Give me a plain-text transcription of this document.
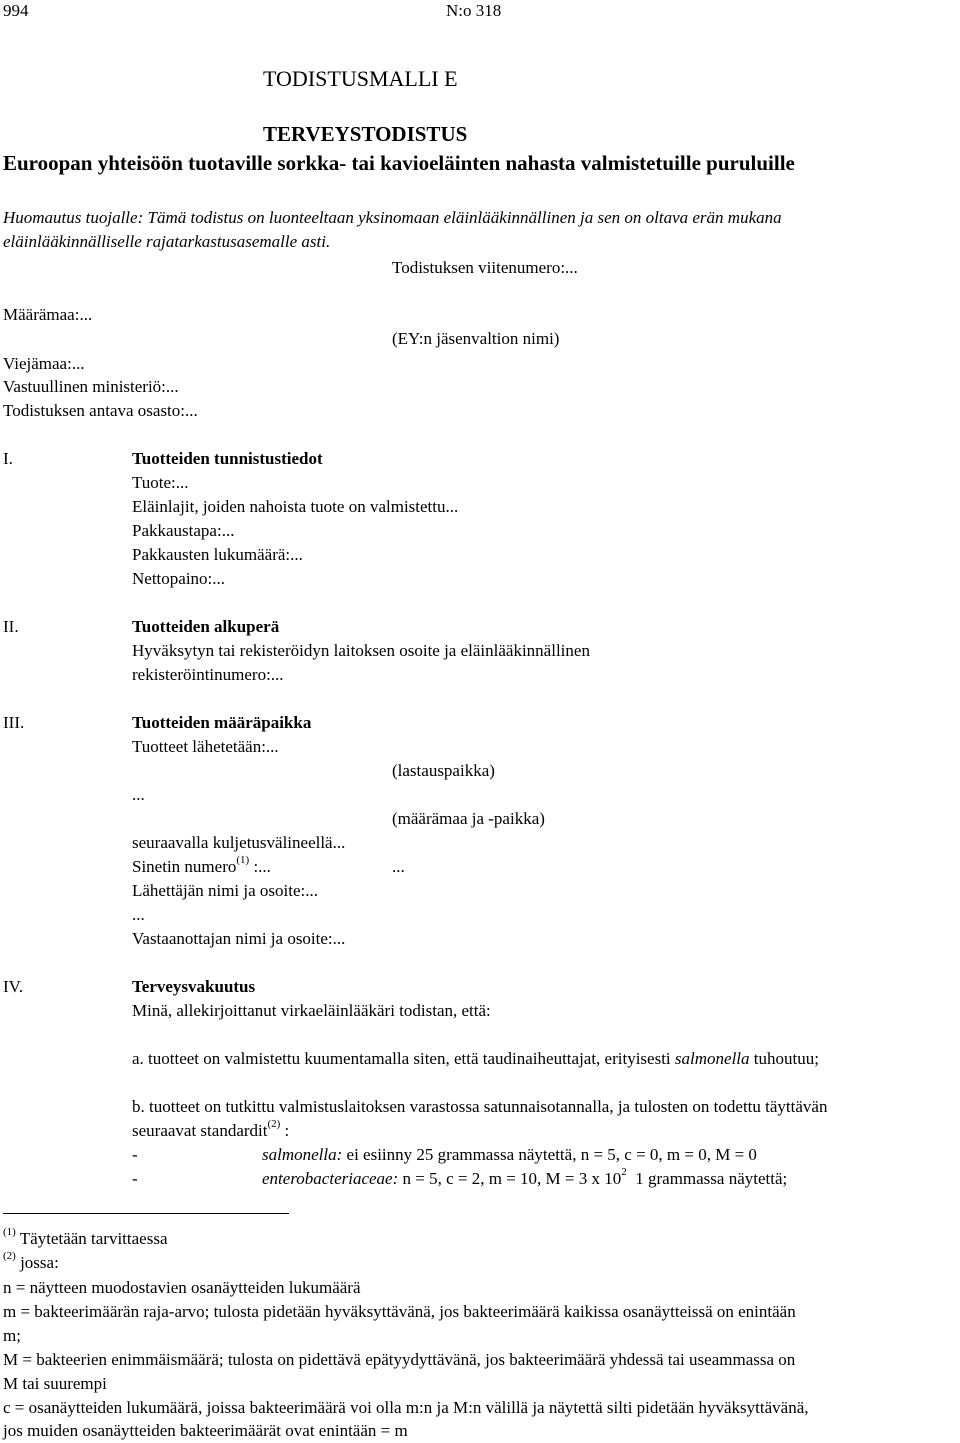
994	N:o 318
TODISTUSMALLI E
TERVEYSTODISTUS
Euroopan yhteisöön tuotaville sorkka- tai kavioeläinten nahasta valmistetuille puruluille
Huomautus tuojalle: Tämä todistus on luonteeltaan yksinomaan eläinlääkinnällinen ja sen on oltava erän mukana
eläinlääkinnälliselle rajatarkastusasemalle asti.
Todistuksen viitenumero:...
Määrämaa:...
(EY:n jäsenvaltion nimi)
Viejämaa:...
Vastuullinen ministeriö:...
Todistuksen antava osasto:...
I.	Tuotteiden tunnistustiedot
Tuote:...
Eläinlajit, joiden nahoista tuote on valmistettu...
Pakkaustapa:...
Pakkausten lukumäärä:...
Nettopaino:...
II.	Tuotteiden alkuperä
Hyväksytyn tai rekisteröidyn laitoksen osoite ja eläinlääkinnällinen
rekisteröintinumero:...
III.	Tuotteiden määräpaikka
Tuotteet lähetetään:...
(lastauspaikka)
...
(määrämaa ja -paikka)
seuraavalla kuljetusvälineellä...
Sinetin numero$^{(1)}$ :...	...
Lähettäjän nimi ja osoite:...
...
Vastaanottajan nimi ja osoite:...
IV.	Terveysvakuutus
Minä, allekirjoittanut virkaeläinlääkäri todistan, että:
a. tuotteet on valmistettu kuumentamalla siten, että taudinaiheuttajat, erityisesti salmonella tuhoutuu;
b. tuotteet on tutkittu valmistuslaitoksen varastossa satunnaisotannalla, ja tulosten on todettu täyttävän
seuraavat standardit$^{(2)}$ :
-	salmonella: ei esiinny 25 grammassa näytettä, n = 5, c = 0, m = 0, M = 0
-	enterobacteriaceae: n = 5, c = 2, m = 10, M = 3 x $10^2$  1 grammassa näytettä;
$^{(1)}$ Täytetään tarvittaessa
$^{(2)}$ jossa:
n = näytteen muodostavien osanäytteiden lukumäärä
m = bakteerimäärän raja-arvo; tulosta pidetään hyväksyttävänä, jos bakteerimäärä kaikissa osanäytteissä on enintään
m;
M = bakteerien enimmäismäärä; tulosta on pidettävä epätyydyttävänä, jos bakteerimäärä yhdessä tai useammassa on
M tai suurempi
c = osanäytteiden lukumäärä, joissa bakteerimäärä voi olla m:n ja M:n välillä ja näytettä silti pidetään hyväksyttävänä,
jos muiden osanäytteiden bakteerimäärät ovat enintään = m
